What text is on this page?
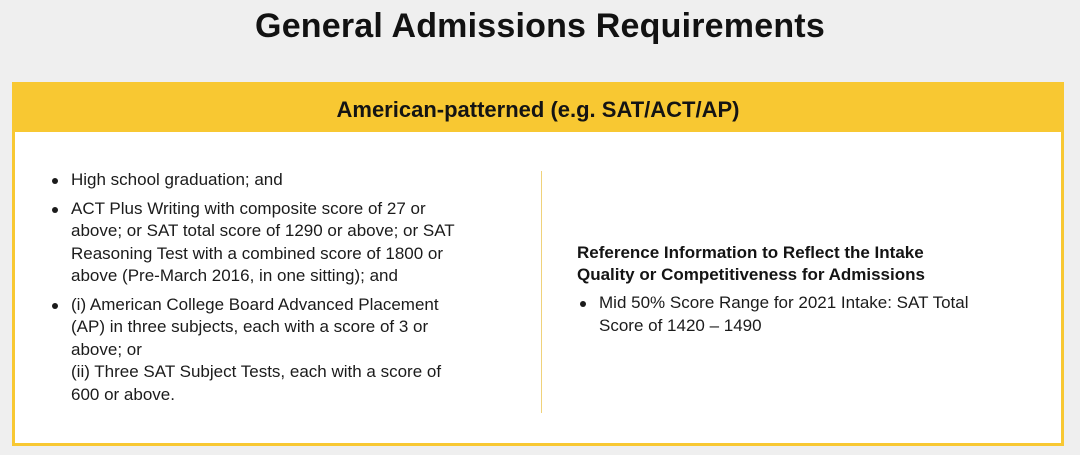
General Admissions Requirements
American-patterned (e.g. SAT/ACT/AP)
High school graduation; and
ACT Plus Writing with composite score of 27 or
above; or SAT total score of 1290 or above; or SAT
Reasoning Test with a combined score of 1800 or
above (Pre-March 2016, in one sitting); and
(i) American College Board Advanced Placement
(AP) in three subjects, each with a score of 3 or
above; or
(ii) Three SAT Subject Tests, each with a score of
600 or above.
Reference Information to Reflect the Intake
Quality or Competitiveness for Admissions
Mid 50% Score Range for 2021 Intake: SAT Total
Score of 1420 – 1490
